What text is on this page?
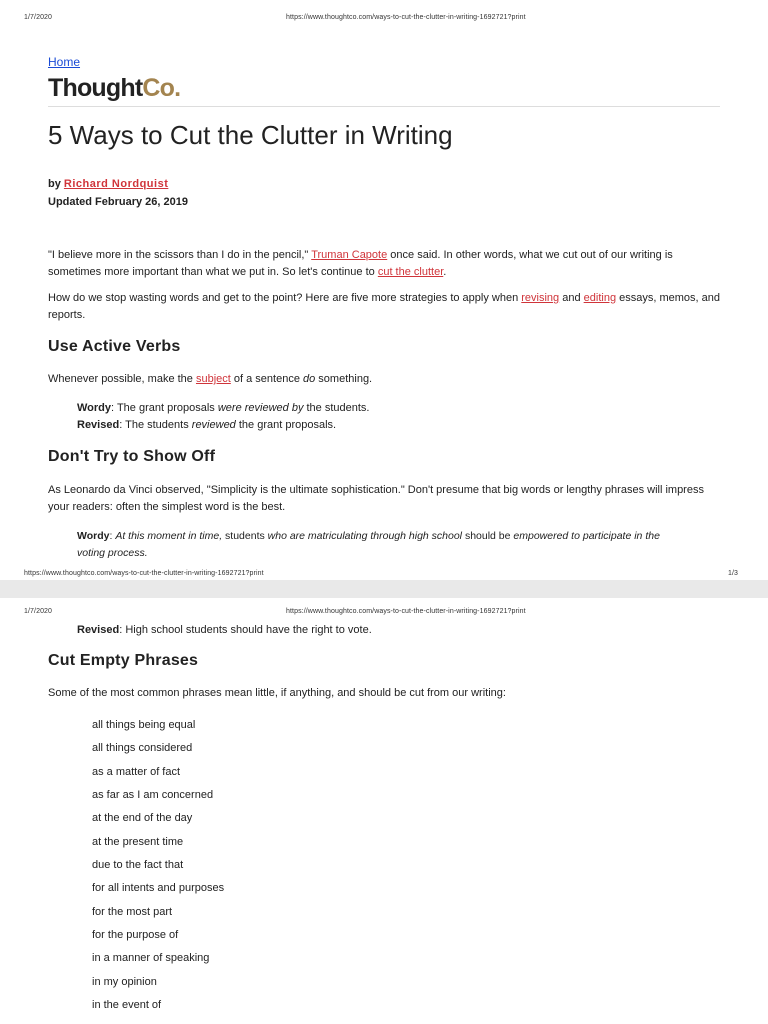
1/7/2020	https://www.thoughtco.com/ways-to-cut-the-clutter-in-writing-1692721?print
Home
ThoughtCo.
5 Ways to Cut the Clutter in Writing
by Richard Nordquist
Updated February 26, 2019

"I believe more in the scissors than I do in the pencil," Truman Capote once said. In other words, what we cut out of our writing is sometimes more important than what we put in. So let's continue to cut the clutter.

How do we stop wasting words and get to the point? Here are five more strategies to apply when revising and editing essays, memos, and reports.

Use Active Verbs

Whenever possible, make the subject of a sentence do something.

Wordy: The grant proposals were reviewed by the students.

Revised: The students reviewed the grant proposals.

Don't Try to Show Off

As Leonardo da Vinci observed, "Simplicity is the ultimate sophistication." Don't presume that big words or lengthy phrases will impress your readers: often the simplest word is the best.

Wordy: At this moment in time, students who are matriculating through high school should be empowered to participate in the voting process.

https://www.thoughtco.com/ways-to-cut-the-clutter-in-writing-1692721?print	1/3
1/7/2020	https://www.thoughtco.com/ways-to-cut-the-clutter-in-writing-1692721?print

Revised: High school students should have the right to vote.

Cut Empty Phrases

Some of the most common phrases mean little, if anything, and should be cut from our writing:

all things being equal
all things considered
as a matter of fact
as far as I am concerned
at the end of the day
at the present time
due to the fact that
for all intents and purposes
for the most part
for the purpose of
in a manner of speaking
in my opinion
in the event of
